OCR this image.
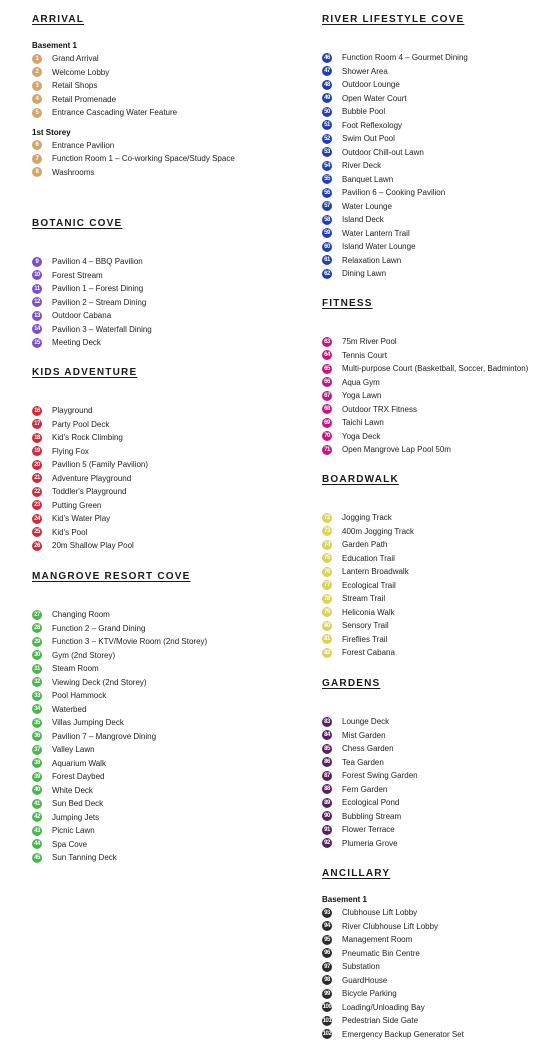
ARRIVAL
Basement 1
1	Grand Arrival
2	Welcome Lobby
3	Retail Shops
4	Retail Promenade
5	Entrance Cascading Water Feature
1st Storey
6	Entrance Pavilion
7	Function Room 1 – Co-working Space/Study Space
8	Washrooms
BOTANIC COVE
9	Pavilion 4 – BBQ Pavilion
10 Forest Stream
11 Pavilion 1 – Forest Dining
12 Pavilion 2 – Stream Dining
13 Outdoor Cabana
14 Pavilion 3 – Waterfall Dining
15 Meeting Deck
KIDS ADVENTURE
16 Playground
17 Party Pool Deck
18 Kid's Rock Climbing
19 Flying Fox
20 Pavilion 5 (Family Pavilion)
21 Adventure Playground
22 Toddler's Playground
23 Putting Green
24 Kid's Water Play
25 Kid's Pool
26 20m Shallow Play Pool
MANGROVE RESORT COVE
27 Changing Room
28 Function 2 – Grand Dining
29 Function 3 – KTV/Movie Room (2nd Storey)
30 Gym (2nd Storey)
31 Steam Room
32 Viewing Deck (2nd Storey)
33 Pool Hammock
34 Waterbed
35 Villas Jumping Deck
36 Pavilion 7 – Mangrove Dining
37 Valley Lawn
38 Aquarium Walk
39 Forest Daybed
40 White Deck
41 Sun Bed Deck
42 Jumping Jets
43 Picnic Lawn
44 Spa Cove
45 Sun Tanning Deck
RIVER LIFESTYLE COVE
46 Function Room 4 – Gourmet Dining
47 Shower Area
48 Outdoor Lounge
49 Open Water Court
50 Bubble Pool
51 Foot Reflexology
52 Swim Out Pool
53 Outdoor Chill-out Lawn
54 River Deck
55 Banquet Lawn
56 Pavilion 6 – Cooking Pavilion
57 Water Lounge
58 Island Deck
59 Water Lantern Trail
60 Island Water Lounge
61 Relaxation Lawn
62 Dining Lawn
FITNESS
63 75m River Pool
64 Tennis Court
65 Multi-purpose Court (Basketball, Soccer, Badminton)
66 Aqua Gym
67 Yoga Lawn
68 Outdoor TRX Fitness
69 Taichi Lawn
70 Yoga Deck
71 Open Mangrove Lap Pool 50m
BOARDWALK
72 Jogging Track
73 400m Jogging Track
74 Garden Path
75 Education Trail
76 Lantern Broadwalk
77 Ecological Trail
78 Stream Trail
79 Heliconia Walk
80 Sensory Trail
81 Fireflies Trail
82 Forest Cabana
GARDENS
83 Lounge Deck
84 Mist Garden
85 Chess Garden
86 Tea Garden
87 Forest Swing Garden
88 Fern Garden
89 Ecological Pond
90 Bubbling Stream
91 Flower Terrace
92 Plumeria Grove
ANCILLARY
Basement 1
93 Clubhouse Lift Lobby
94 River Clubhouse Lift Lobby
95 Management Room
96 Pneumatic Bin Centre
97 Substation
98 GuardHouse
99 Bicycle Parking
100 Loading/Unloading Bay
101 Pedestrian Side Gate
102 Emergency Backup Generator Set
